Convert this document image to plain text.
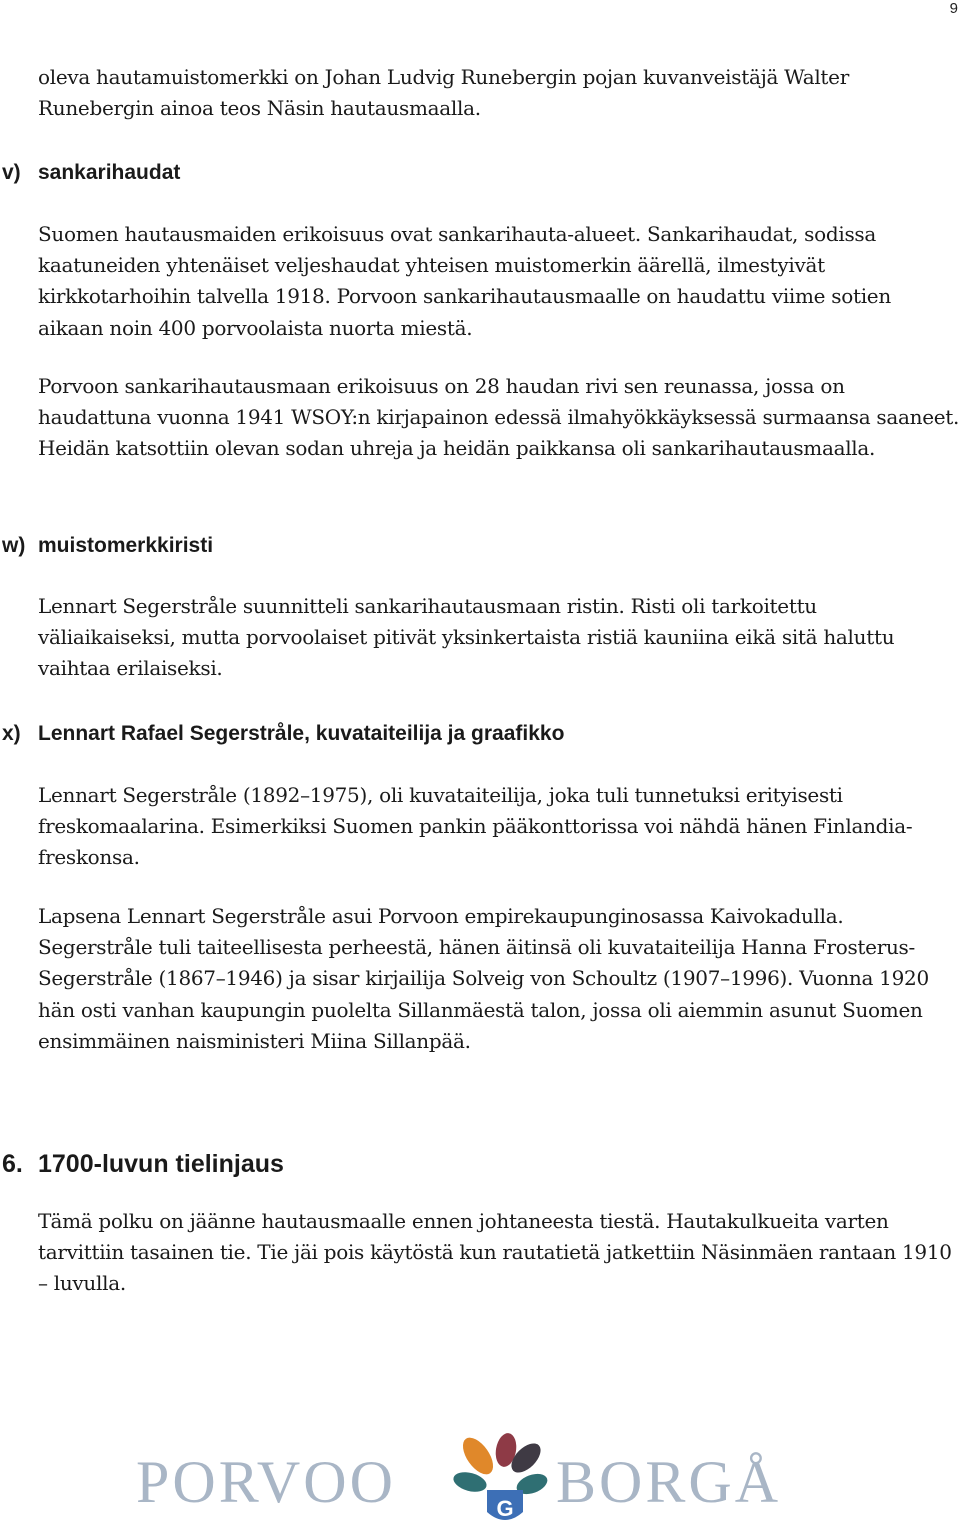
9

oleva hautamuistomerkki on Johan Ludvig Runebergin pojan kuvanveistäjä Walter Runebergin ainoa teos Näsin hautausmaalla.

v) sankarihaudat

Suomen hautausmaiden erikoisuus ovat sankarihauta-alueet. Sankarihaudat, sodissa kaatuneiden yhtenäiset veljeshaudat yhteisen muistomerkin äärellä, ilmestyivät kirkkotarhoihin talvella 1918. Porvoon sankarihautausmaalle on haudattu viime sotien aikaan noin 400 porvoolaista nuorta miestä.

Porvoon sankarihautausmaan erikoisuus on 28 haudan rivi sen reunassa, jossa on haudattuna vuonna 1941 WSOY:n kirjapainon edessä ilmahyökkäyksessä surmaansa saaneet. Heidän katsottiin olevan sodan uhreja ja heidän paikkansa oli sankarihautausmaalla.

w) muistomerkkiristi

Lennart Segerstråle suunnitteli sankarihautausmaan ristin. Risti oli tarkoitettu väliaikaiseksi, mutta porvoolaiset pitivät yksinkertaista ristiä kauniina eikä sitä haluttu vaihtaa erilaiseksi.

x) Lennart Rafael Segerstråle, kuvataiteilija ja graafikko

Lennart Segerstråle (1892–1975), oli kuvataiteilija, joka tuli tunnetuksi erityisesti freskomaalarina. Esimerkiksi Suomen pankin pääkonttorissa voi nähdä hänen Finlandia-freskonsa.

Lapsena Lennart Segerstråle asui Porvoon empirekaupunginosassa Kaivokadulla. Segerstråle tuli taiteellisesta perheestä, hänen äitinsä oli kuvataiteilija Hanna Frosterus-Segerstråle (1867–1946) ja sisar kirjailija Solveig von Schoultz (1907–1996). Vuonna 1920 hän osti vanhan kaupungin puolelta Sillanmäestä talon, jossa oli aiemmin asunut Suomen ensimmäinen naisministeri Miina Sillanpää.

6. 1700-luvun tielinjaus

Tämä polku on jäänne hautausmaalle ennen johtaneesta tiestä. Hautakulkueita varten tarvittiin tasainen tie. Tie jäi pois käytöstä kun rautatietä jatkettiin Näsinmäen rantaan 1910 – luvulla.

PORVOO	G BORGÅ
